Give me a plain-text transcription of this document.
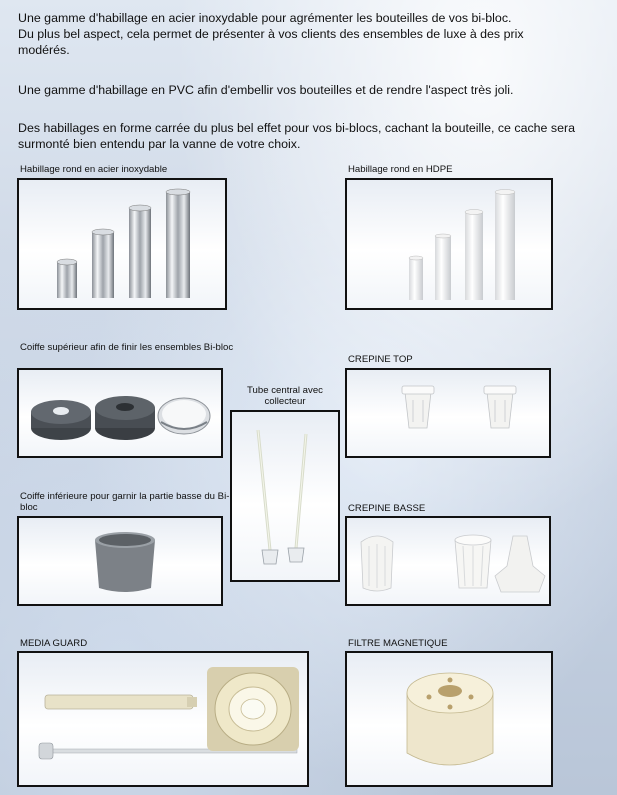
Une gamme d'habillage en acier inoxydable pour agrémenter les bouteilles de vos bi-bloc.

Du plus bel aspect, cela permet de présenter à vos clients des ensembles de luxe à des prix modérés.

Une gamme d'habillage en PVC afin d'embellir vos bouteilles et de rendre l'aspect très joli.

Des habillages en forme carrée du plus bel effet pour vos bi-blocs, cachant la bouteille, ce cache sera surmonté bien entendu par la vanne de votre choix.

Habillage rond en acier inoxydable	Habillage rond en HDPE
Coiffe supérieur afin de finir les ensembles Bi-bloc
Tube central avec collecteur
CREPINE TOP
Coiffe inférieure pour garnir la partie basse du Bi-bloc	CREPINE BASSE
MEDIA GUARD	FILTRE MAGNETIQUE
